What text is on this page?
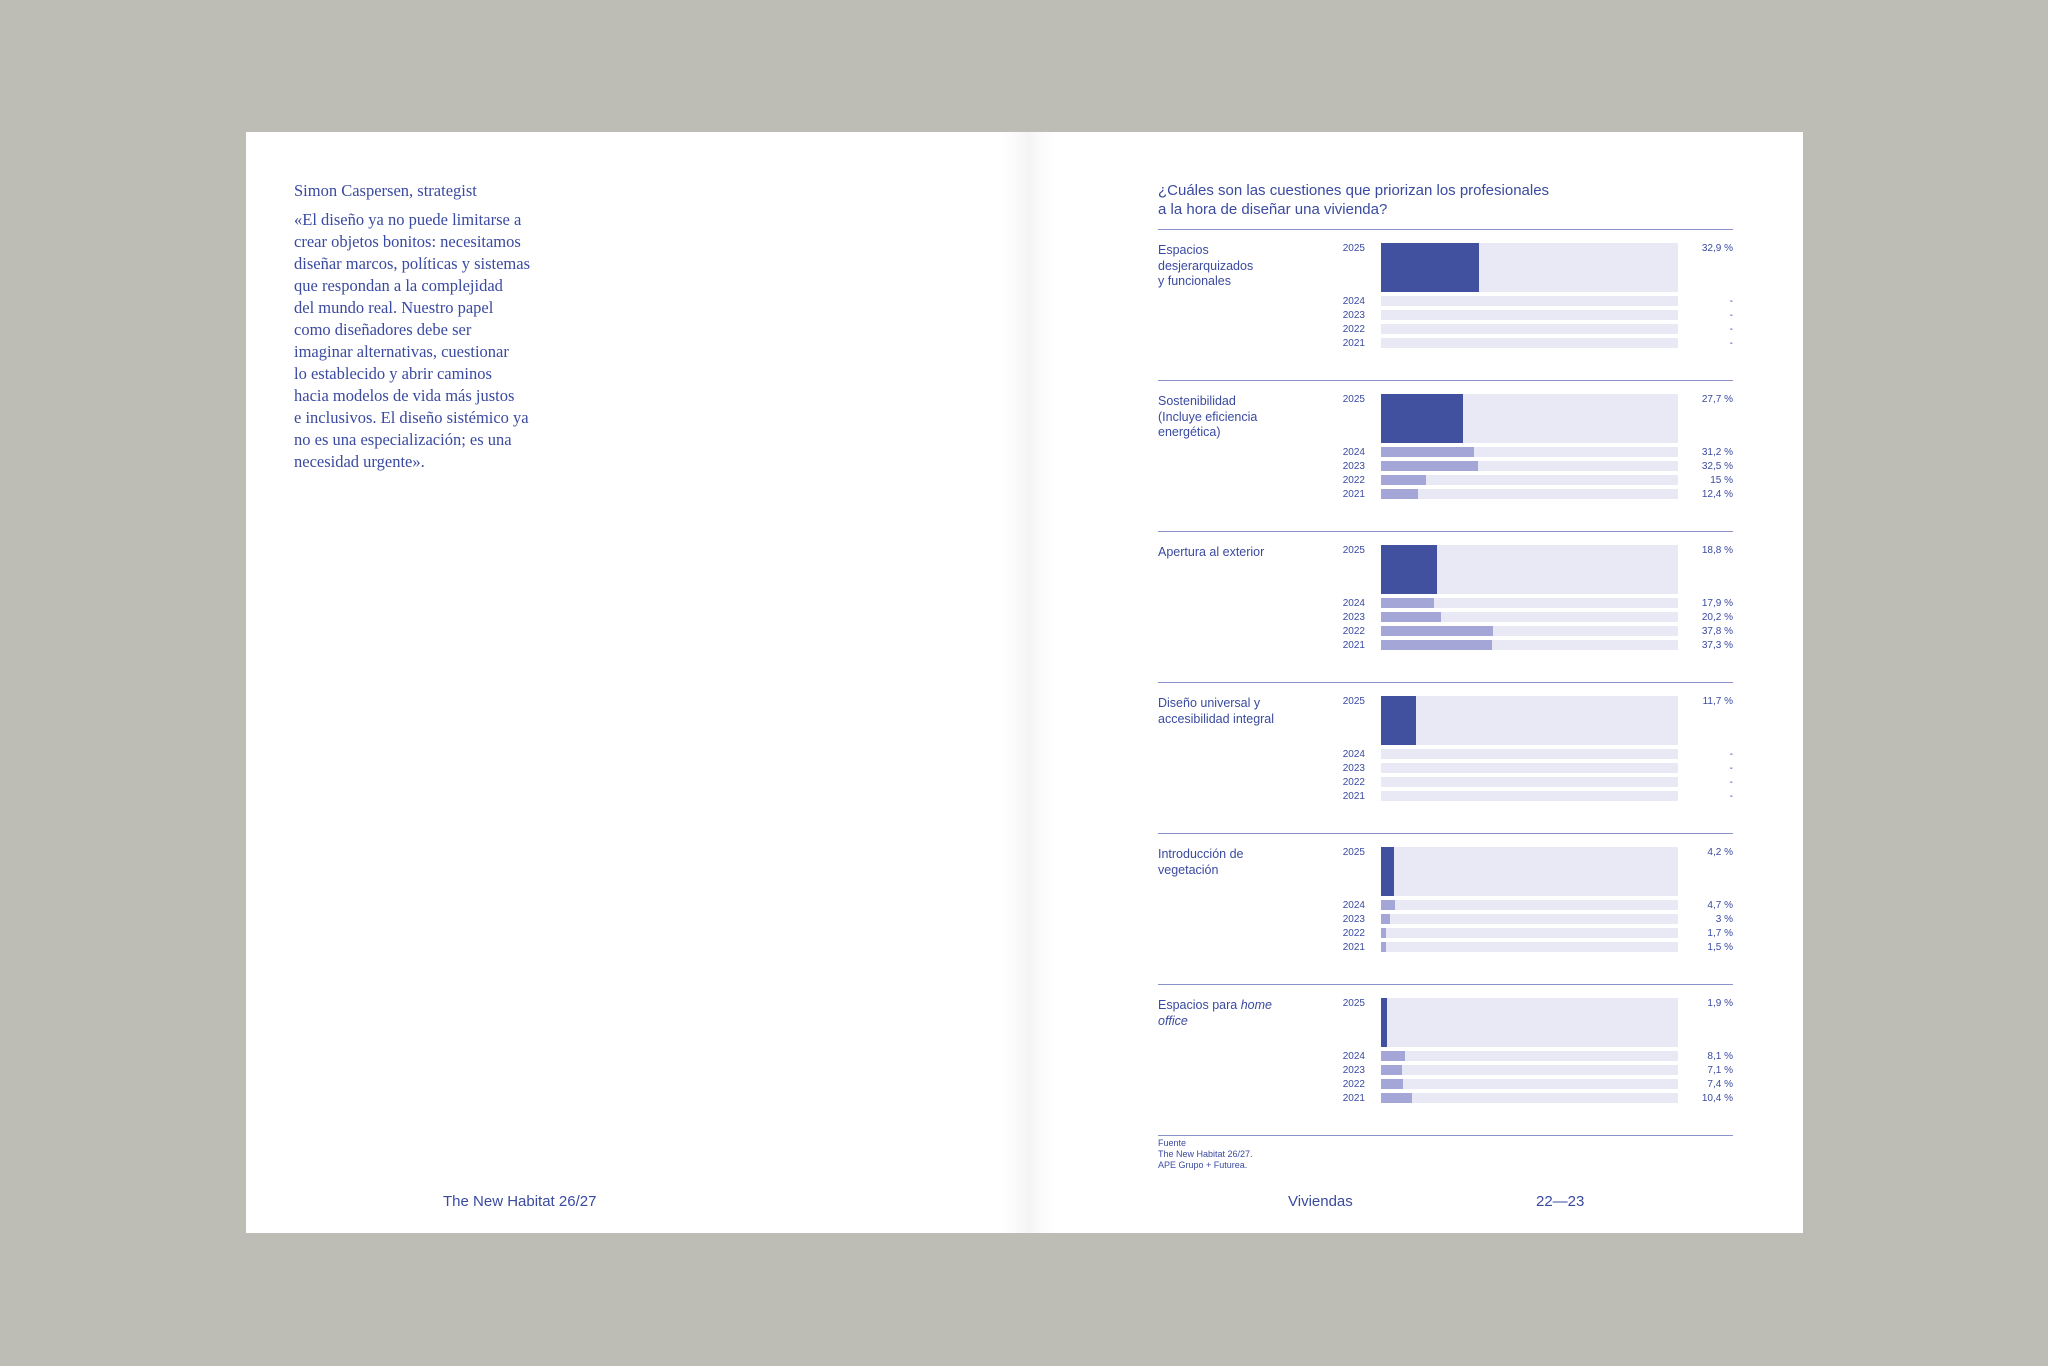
Simon Caspersen, strategist
«El diseño ya no puede limitarse a
crear objetos bonitos: necesitamos
diseñar marcos, políticas y sistemas
que respondan a la complejidad
del mundo real. Nuestro papel
como diseñadores debe ser
imaginar alternativas, cuestionar
lo establecido y abrir caminos
hacia modelos de vida más justos
e inclusivos. El diseño sistémico ya
no es una especialización; es una
necesidad urgente».
The New Habitat 26/27
¿Cuáles son las cuestiones que priorizan los profesionales
a la hora de diseñar una vivienda?
Espacios
desjerarquizados
y funcionales
2025	32,9 %
2024	-
2023	-
2022	-
2021	-
Sostenibilidad
(Incluye eficiencia
energética)
2025	27,7 %
2024	31,2 %
2023	32,5 %
2022	15 %
2021	12,4 %
Apertura al exterior	2025	18,8 %
2024	17,9 %
2023	20,2 %
2022	37,8 %
2021	37,3 %
Diseño universal y
accesibilidad integral
2025	11,7 %
2024	-
2023	-
2022	-
2021	-
Introducción de
vegetación
2025	4,2 %
2024	4,7 %
2023	3 %
2022	1,7 %
2021	1,5 %
Espacios para home
office
2025	1,9 %
2024	8,1 %
2023	7,1 %
2022	7,4 %
2021	10,4 %
Fuente
The New Habitat 26/27.
APE Grupo + Futurea.
Viviendas	22—23
